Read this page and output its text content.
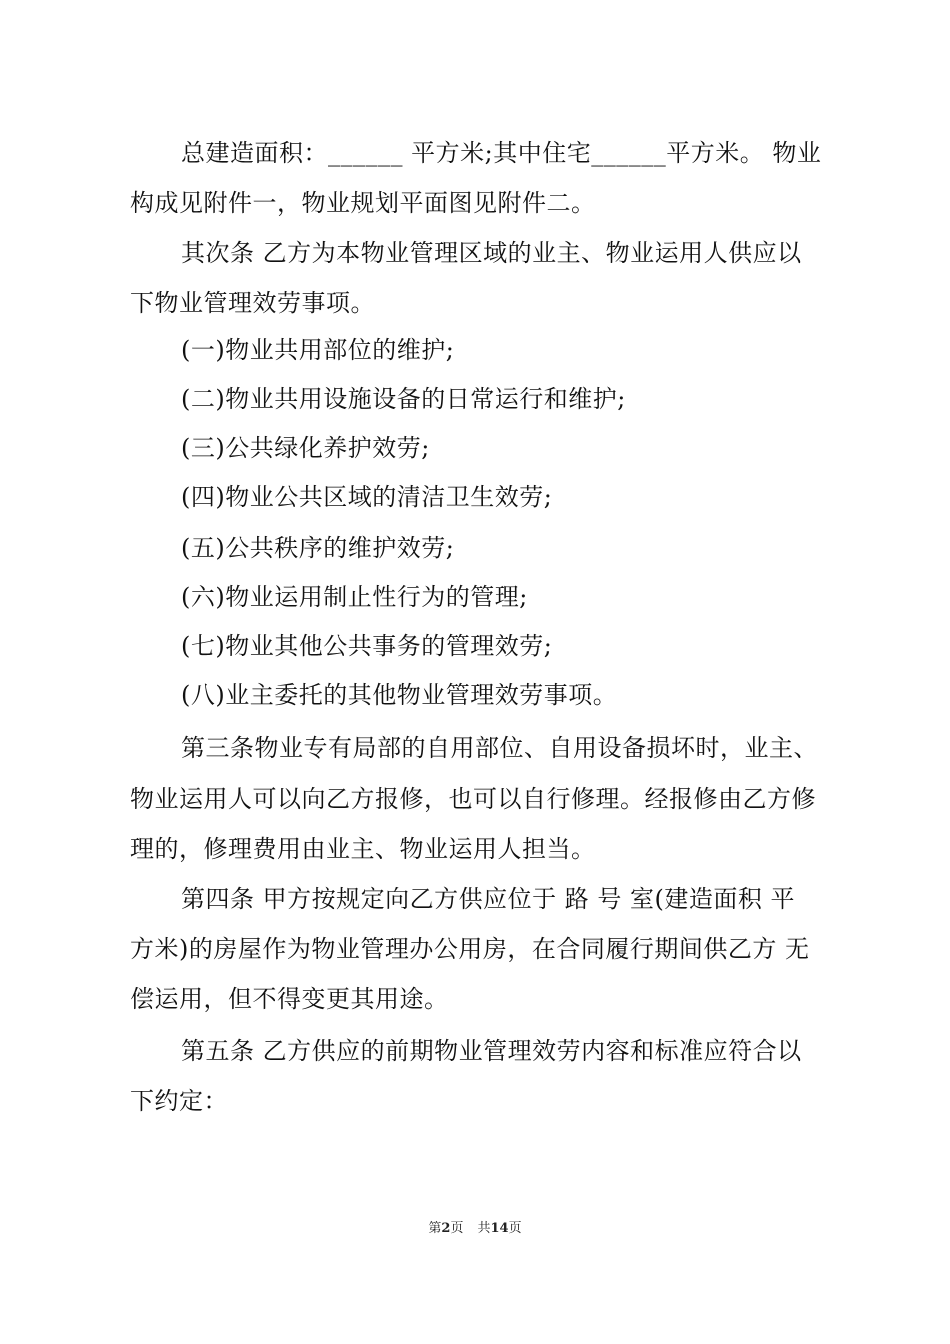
总建造面积：______ 平方米;其中住宅______平方米。 物业

构成见附件一，物业规划平面图见附件二。

其次条 乙方为本物业管理区域的业主、物业运用人供应以

下物业管理效劳事项。

(一)物业共用部位的维护;

(二)物业共用设施设备的日常运行和维护;

(三)公共绿化养护效劳;

(四)物业公共区域的清洁卫生效劳;

(五)公共秩序的维护效劳;

(六)物业运用制止性行为的管理;

(七)物业其他公共事务的管理效劳;

(八)业主委托的其他物业管理效劳事项。

第三条物业专有局部的自用部位、自用设备损坏时，业主、

物业运用人可以向乙方报修，也可以自行修理。经报修由乙方修

理的，修理费用由业主、物业运用人担当。

第四条 甲方按规定向乙方供应位于 路 号 室(建造面积 平

方米)的房屋作为物业管理办公用房，在合同履行期间供乙方 无

偿运用，但不得变更其用途。

第五条 乙方供应的前期物业管理效劳内容和标准应符合以

下约定：

第2页 共14页
